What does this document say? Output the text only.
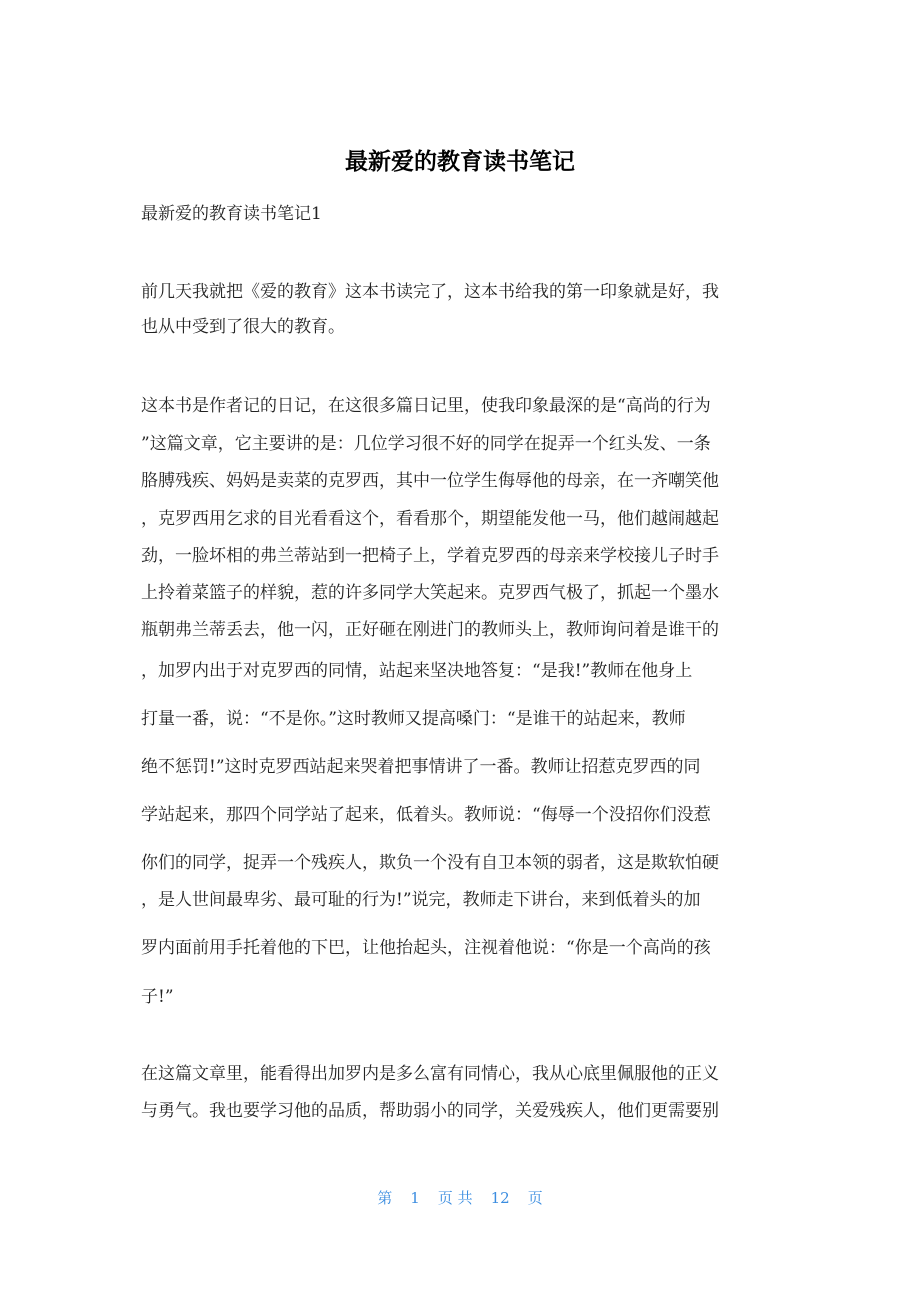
最新爱的教育读书笔记
最新爱的教育读书笔记1
前几天我就把《爱的教育》这本书读完了，这本书给我的第一印象就是好，我
也从中受到了很大的教育。
这本书是作者记的日记，在这很多篇日记里，使我印象最深的是“高尚的行为
”这篇文章，它主要讲的是：几位学习很不好的同学在捉弄一个红头发、一条
胳膊残疾、妈妈是卖菜的克罗西，其中一位学生侮辱他的母亲，在一齐嘲笑他
，克罗西用乞求的目光看看这个，看看那个，期望能发他一马，他们越闹越起
劲，一脸坏相的弗兰蒂站到一把椅子上，学着克罗西的母亲来学校接儿子时手
上拎着菜篮子的样貌，惹的许多同学大笑起来。克罗西气极了，抓起一个墨水
瓶朝弗兰蒂丢去，他一闪，正好砸在刚进门的教师头上，教师询问着是谁干的
，加罗内出于对克罗西的同情，站起来坚决地答复：“是我!”教师在他身上
打量一番，说：“不是你。”这时教师又提高嗓门：“是谁干的站起来，教师
绝不惩罚!”这时克罗西站起来哭着把事情讲了一番。教师让招惹克罗西的同
学站起来，那四个同学站了起来，低着头。教师说：“侮辱一个没招你们没惹
你们的同学，捉弄一个残疾人，欺负一个没有自卫本领的弱者，这是欺软怕硬
，是人世间最卑劣、最可耻的行为!”说完，教师走下讲台，来到低着头的加
罗内面前用手托着他的下巴，让他抬起头，注视着他说：“你是一个高尚的孩
子!”
在这篇文章里，能看得出加罗内是多么富有同情心，我从心底里佩服他的正义
与勇气。我也要学习他的品质，帮助弱小的同学，关爱残疾人，他们更需要别
第 1 页 共 12 页
